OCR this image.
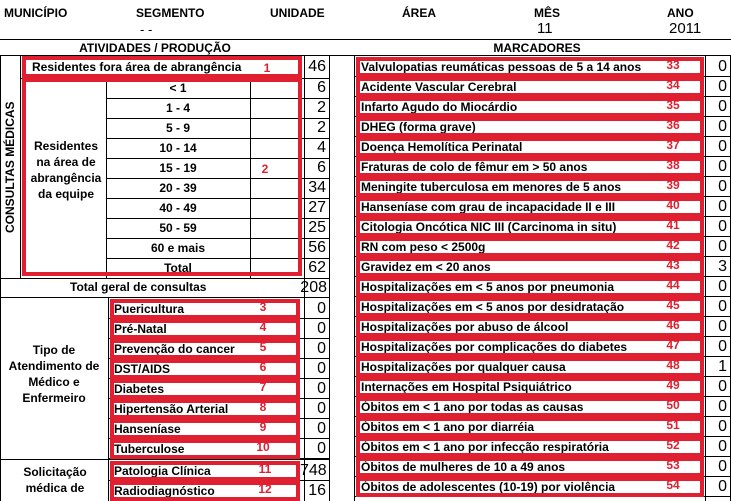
MUNICÍPIO	SEGMENTO
- -
UNIDADE	ÁREA	MÊS
11
ANO
2011
ATIVIDADES / PRODUÇÃO	MARCADORES
CONSULTAS MÉDICAS
Residentes fora área de abrangência	1	46
Residentes na área de abrangência da equipe
< 1	6
1 - 4	2
5 - 9	2
10 - 14	4
15 - 19	2	6
20 - 39	34
40 - 49	27
50 - 59	25
60 e mais	56
Total	62
Total geral de consultas	208
Tipo de Atendimento de Médico e Enfermeiro
Puericultura	3	0
Pré-Natal	4	0
Prevenção do cancer	5	0
DST/AIDS	6	0
Diabetes	7	0
Hipertensão Arterial	8	0
Hanseníase	9	0
Tuberculose	10	0
Solicitação médica de
Patologia Clínica	11	748
Radiodiagnóstico	12	16
Valvulopatias reumáticas pessoas de 5 a 14 anos	33	0
Acidente Vascular Cerebral	34	0
Infarto Agudo do Miocárdio	35	0
DHEG (forma grave)	36	0
Doença Hemolítica Perinatal	37	0
Fraturas de colo de fêmur em > 50 anos	38	0
Meningite tuberculosa em menores de 5 anos	39	0
Hanseníase com grau de incapacidade II e III	40	0
Citologia Oncótica NIC III (Carcinoma in situ)	41	0
RN com peso < 2500g	42	0
Gravidez em < 20 anos	43	3
Hospitalizações em < 5 anos por pneumonia	44	0
Hospitalizações em < 5 anos por desidratação	45	0
Hospitalizações por abuso de álcool	46	0
Hospitalizações por complicações do diabetes	47	0
Hospitalizações por qualquer causa	48	1
Internações em Hospital Psiquiátrico	49	0
Óbitos em < 1 ano por todas as causas	50	0
Óbitos em < 1 ano por diarréia	51	0
Óbitos em < 1 ano por infecção respiratória	52	0
Óbitos de mulheres de 10 a 49 anos	53	0
Óbitos de adolescentes (10-19) por violência	54	0
